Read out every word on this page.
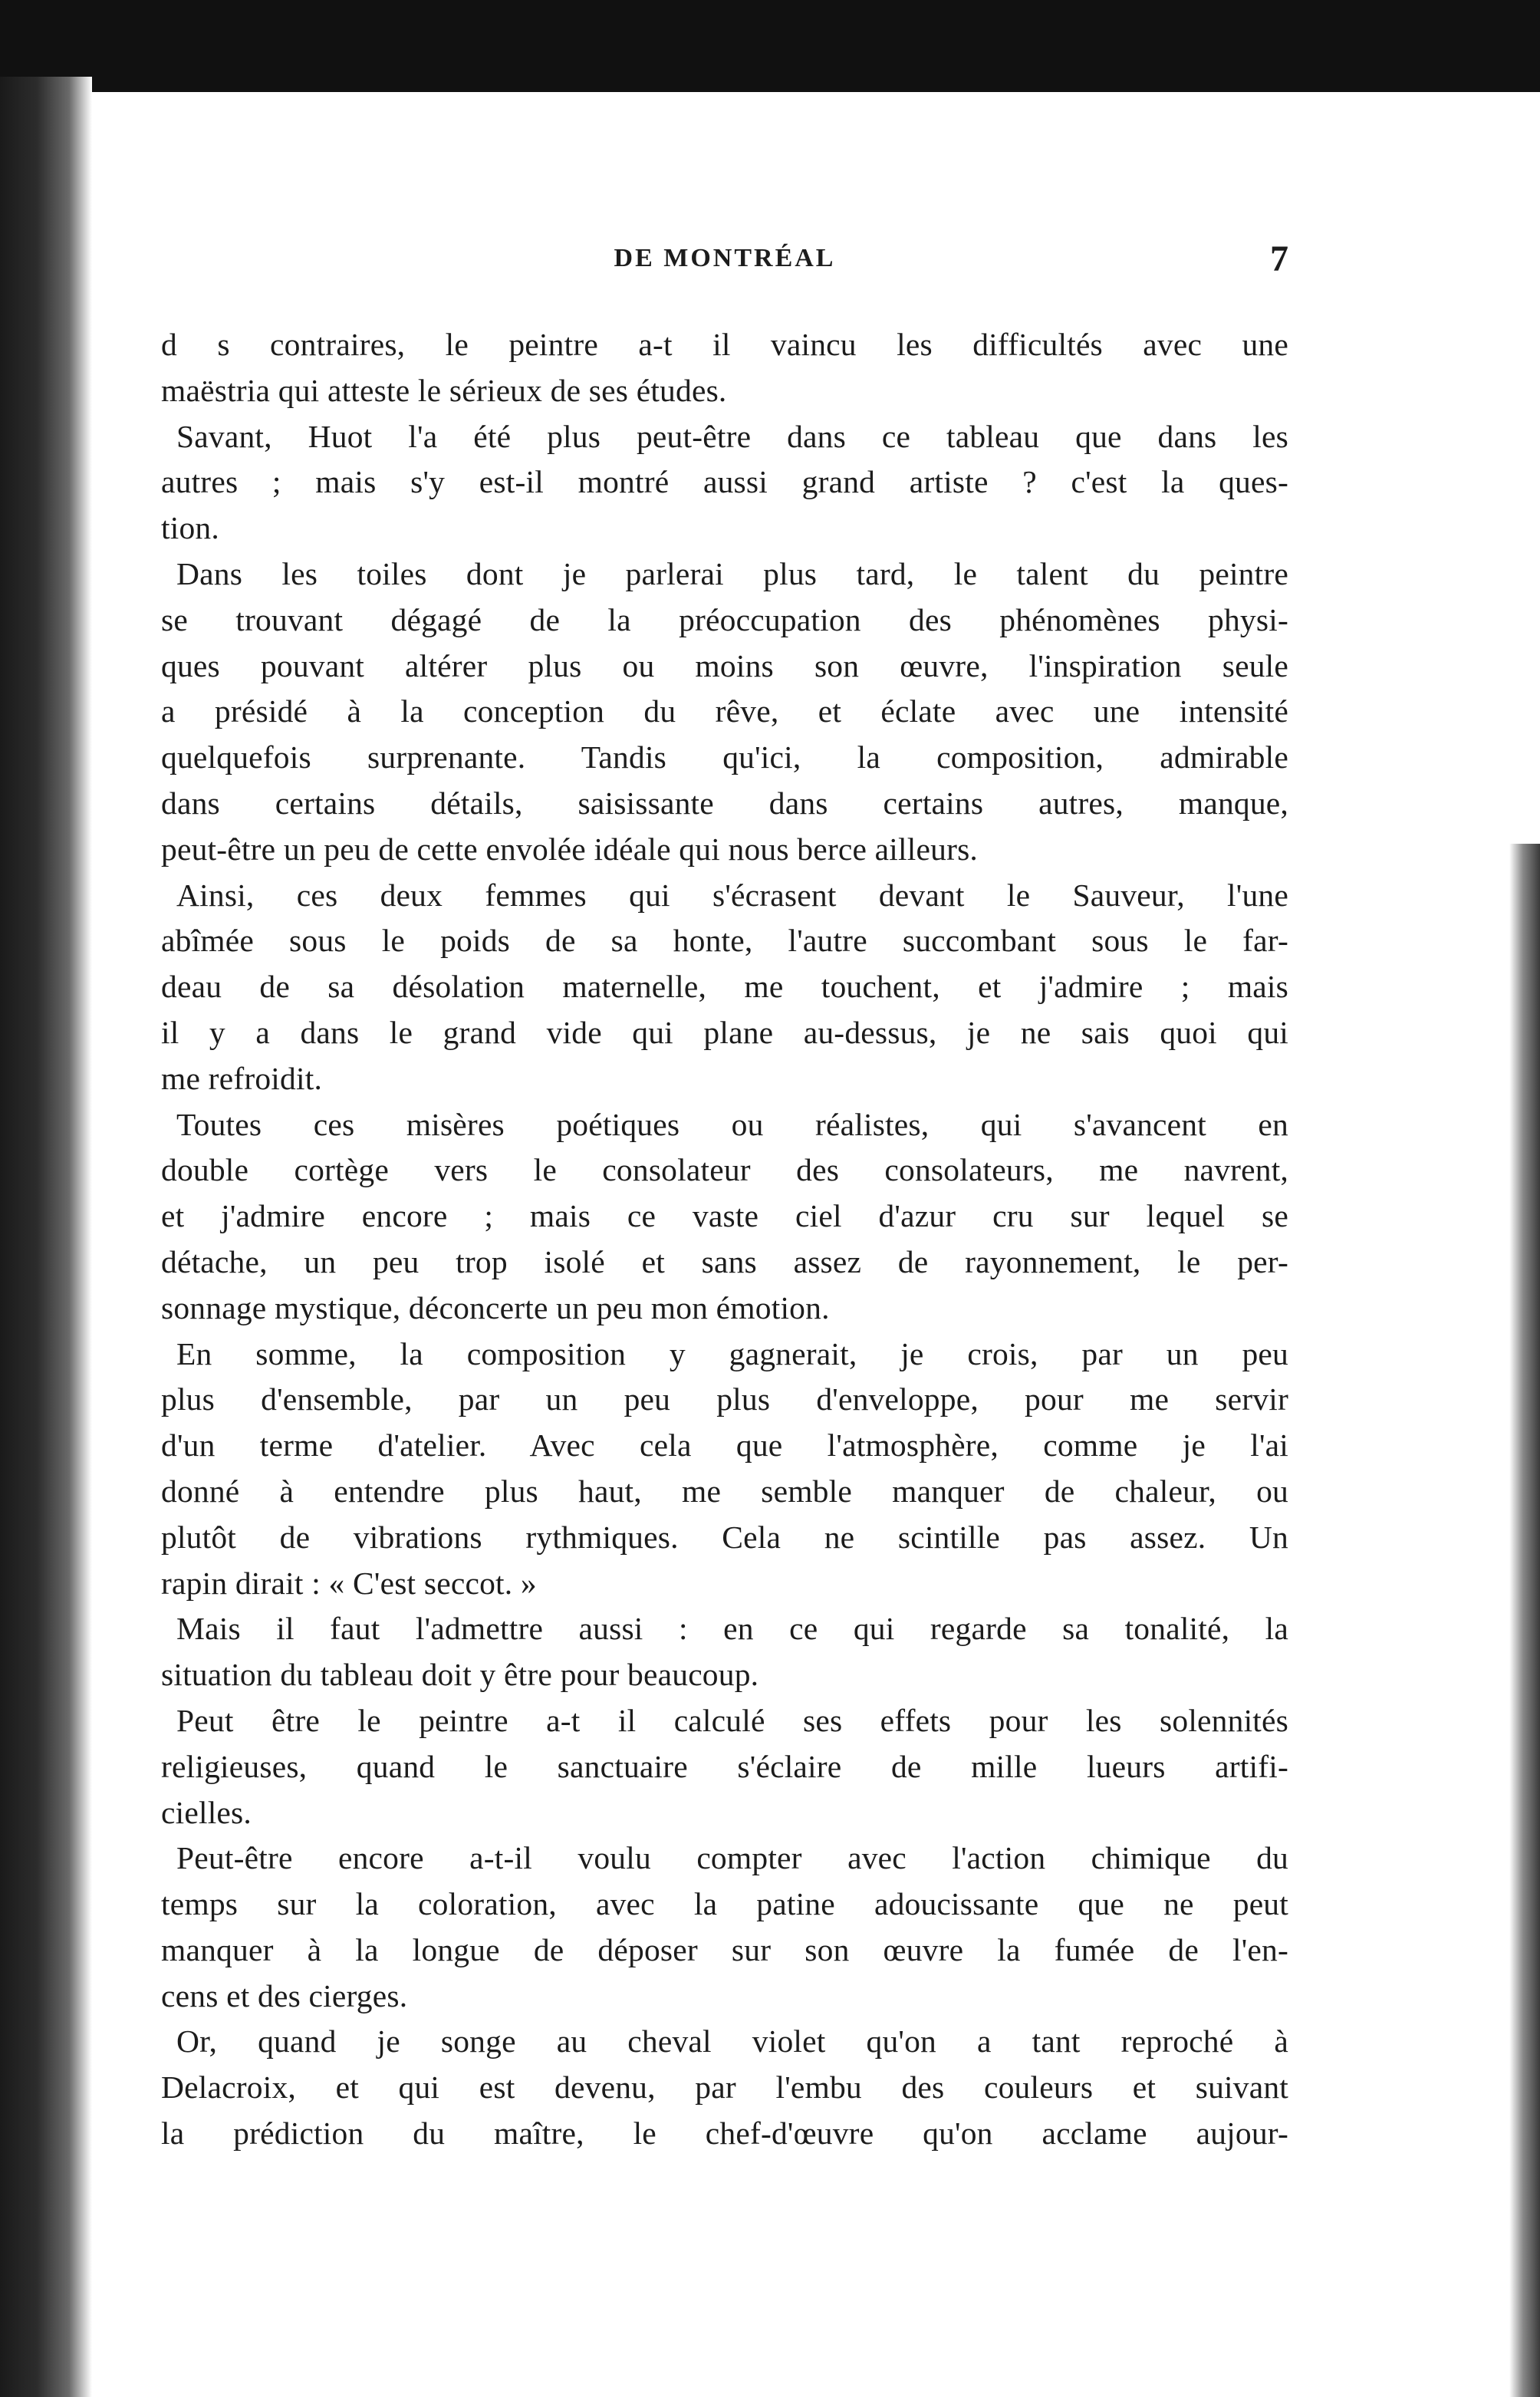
DE MONTRÉAL	7
d s contraires, le peintre a-t il vaincu les difficultés avec une
maëstria qui atteste le sérieux de ses études.
Savant, Huot l'a été plus peut-être dans ce tableau que dans les
autres ; mais s'y est-il montré aussi grand artiste ? c'est la ques-
tion.
Dans les toiles dont je parlerai plus tard, le talent du peintre
se trouvant dégagé de la préoccupation des phénomènes physi-
ques pouvant altérer plus ou moins son œuvre, l'inspiration seule
a présidé à la conception du rêve, et éclate avec une intensité
quelquefois surprenante. Tandis qu'ici, la composition, admirable
dans certains détails, saisissante dans certains autres, manque,
peut-être un peu de cette envolée idéale qui nous berce ailleurs.
Ainsi, ces deux femmes qui s'écrasent devant le Sauveur, l'une
abîmée sous le poids de sa honte, l'autre succombant sous le far-
deau de sa désolation maternelle, me touchent, et j'admire ; mais
il y a dans le grand vide qui plane au-dessus, je ne sais quoi qui
me refroidit.
Toutes ces misères poétiques ou réalistes, qui s'avancent en
double cortège vers le consolateur des consolateurs, me navrent,
et j'admire encore ; mais ce vaste ciel d'azur cru sur lequel se
détache, un peu trop isolé et sans assez de rayonnement, le per-
sonnage mystique, déconcerte un peu mon émotion.
En somme, la composition y gagnerait, je crois, par un peu
plus d'ensemble, par un peu plus d'enveloppe, pour me servir
d'un terme d'atelier. Avec cela que l'atmosphère, comme je l'ai
donné à entendre plus haut, me semble manquer de chaleur, ou
plutôt de vibrations rythmiques. Cela ne scintille pas assez. Un
rapin dirait : « C'est seccot. »
Mais il faut l'admettre aussi : en ce qui regarde sa tonalité, la
situation du tableau doit y être pour beaucoup.
Peut être le peintre a-t il calculé ses effets pour les solennités
religieuses, quand le sanctuaire s'éclaire de mille lueurs artifi-
cielles.
Peut-être encore a-t-il voulu compter avec l'action chimique du
temps sur la coloration, avec la patine adoucissante que ne peut
manquer à la longue de déposer sur son œuvre la fumée de l'en-
cens et des cierges.
Or, quand je songe au cheval violet qu'on a tant reproché à
Delacroix, et qui est devenu, par l'embu des couleurs et suivant
la prédiction du maître, le chef-d'œuvre qu'on acclame aujour-
